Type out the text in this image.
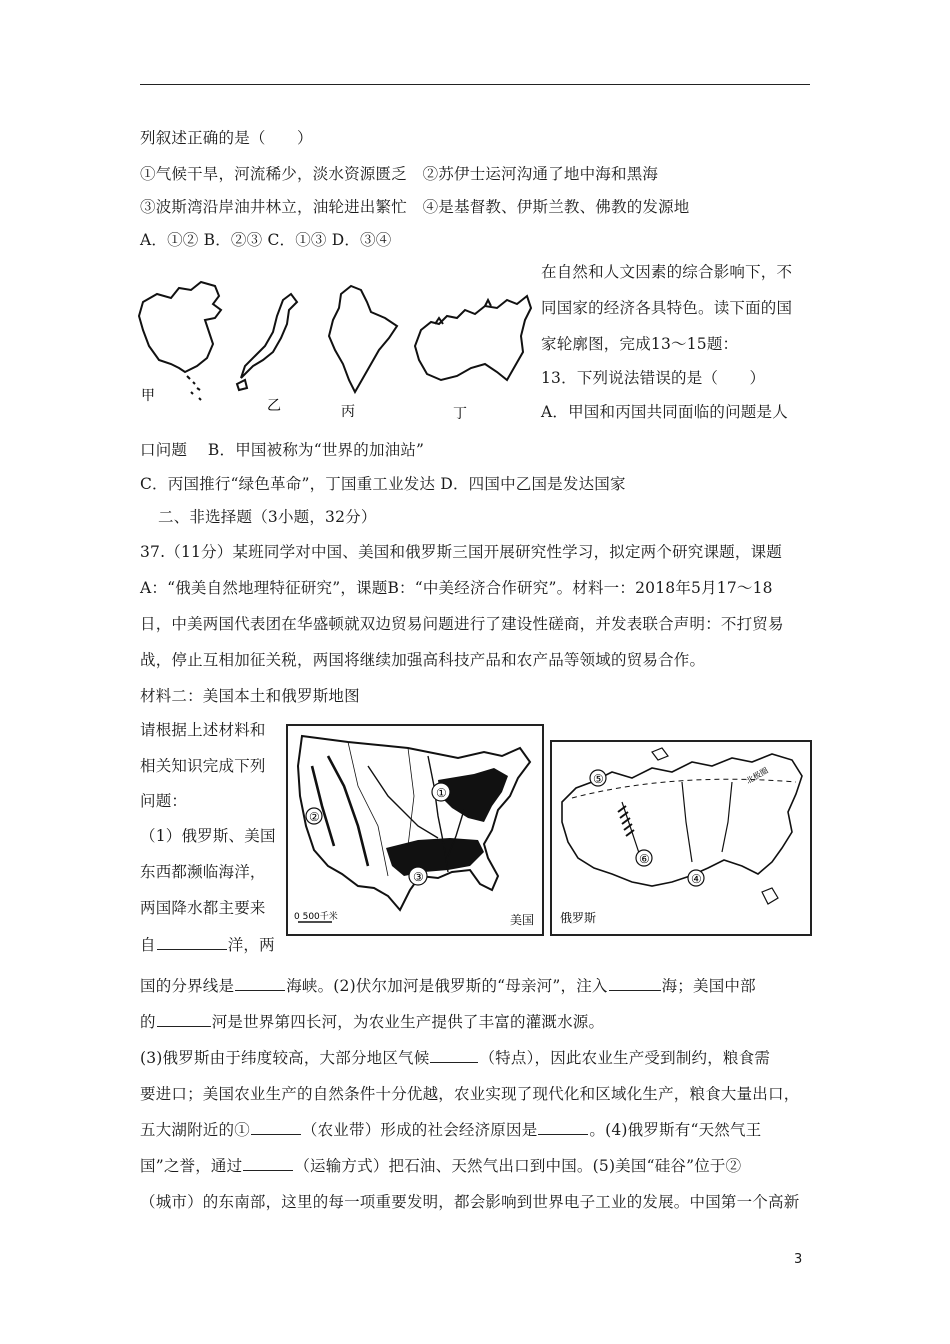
列叙述正确的是（　　）
①气候干旱，河流稀少，淡水资源匮乏　②苏伊士运河沟通了地中海和黑海
③波斯湾沿岸油井林立，油轮进出繁忙　④是基督教、伊斯兰教、佛教的发源地
A．①② B．②③ C．①③ D．③④
在自然和人文因素的综合影响下，不
同国家的经济各具特色。读下面的国
家轮廓图，完成13～15题：
13．下列说法错误的是（　　）
A．甲国和丙国共同面临的问题是人
口问题　 B．甲国被称为“世界的加油站”
C．丙国推行“绿色革命”，丁国重工业发达 D．四国中乙国是发达国家
甲
乙	丙	丁
二、非选择题（3小题，32分）
37.（11分）某班同学对中国、美国和俄罗斯三国开展研究性学习，拟定两个研究课题，课题
A：“俄美自然地理特征研究”，课题B：“中美经济合作研究”。材料一：2018年5月17～18
日，中美两国代表团在华盛顿就双边贸易问题进行了建设性磋商，并发表联合声明：不打贸易
战，停止互相加征关税，两国将继续加强高科技产品和农产品等领域的贸易合作。
材料二：美国本土和俄罗斯地图
请根据上述材料和
相关知识完成下列
问题：
（1）俄罗斯、美国
东西都濒临海洋，
两国降水都主要来
自	洋，两
①
②
③
0 500千米	美国
北极圈
⑤
⑥
④
俄罗斯
国的分界线是	海峡。(2)伏尔加河是俄罗斯的“母亲河”，注入	海；美国中部
的	河是世界第四长河，为农业生产提供了丰富的灌溉水源。
(3)俄罗斯由于纬度较高，大部分地区气候	（特点），因此农业生产受到制约，粮食需
要进口；美国农业生产的自然条件十分优越，农业实现了现代化和区域化生产，粮食大量出口，
五大湖附近的①	（农业带）形成的社会经济原因是	。(4)俄罗斯有“天然气王
国”之誉，通过	（运输方式）把石油、天然气出口到中国。(5)美国“硅谷”位于②
（城市）的东南部，这里的每一项重要发明，都会影响到世界电子工业的发展。中国第一个高新
3
